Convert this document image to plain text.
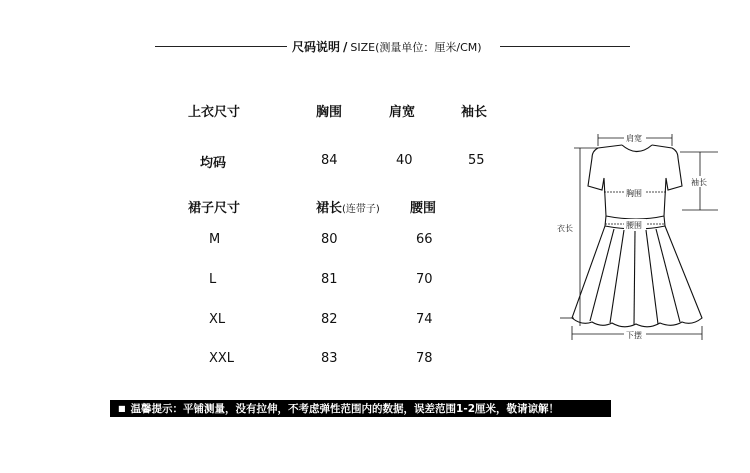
尺码说明 / SIZE(测量单位：厘米/CM)
上衣尺寸	胸围	肩宽	袖长
均码	84	40	55
裙子尺寸	裙长(连带子) 腰围
M	80	66
L	81	70
XL	82	74
XXL	83	78
肩宽
袖长
胸围
腰围
衣长
下摆
■ 温馨提示：平铺测量，没有拉伸，不考虑弹性范围内的数据，误差范围1-2厘米，敬请谅解！
